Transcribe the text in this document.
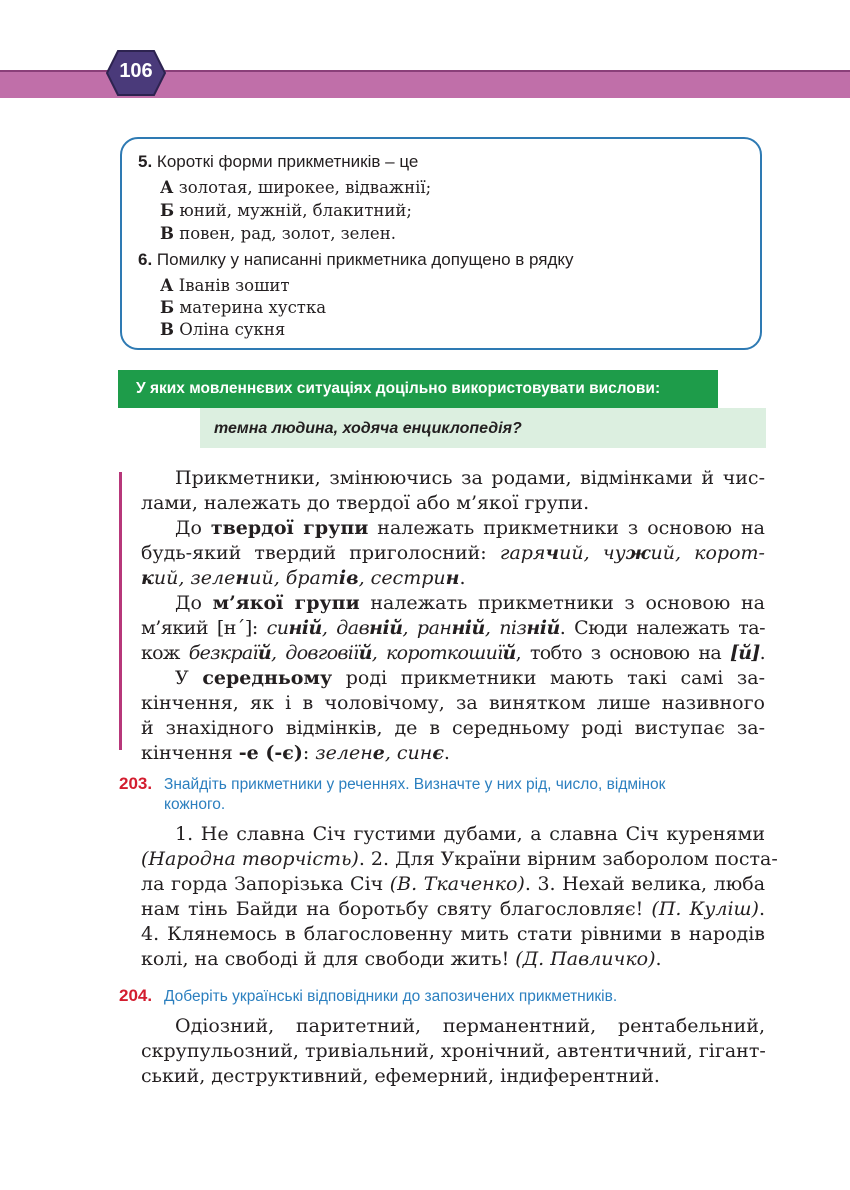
106
5. Короткі форми прикметників – це
А золотая, широкее, відважнії;
Б юний, мужній, блакитний;
В повен, рад, золот, зелен.
6. Помилку у написанні прикметника допущено в рядку
А Іванів зошит
Б материна хустка
В Оліна сукня
У яких мовленнєвих ситуаціях доцільно використовувати вислови:
темна людина, ходяча енциклопедія?
Прикметники, змінюючись за родами, відмінками й чис-
лами, належать до твердої або м’якої групи.
До твердої групи належать прикметники з основою на
будь-який твердий приголосний: гарячий, чужий, корот-
кий, зелений, братів, сестрин.
До м’якої групи належать прикметники з основою на
м’який [н´]: синій, давній, ранній, пізній. Сюди належать та-
кож безкраїй, довговіїй, короткошиїй, тобто з основою на [й].
У середньому роді прикметники мають такі самі за-
кінчення, як і в чоловічому, за винятком лише називного
й знахідного відмінків, де в середньому роді виступає за-
кінчення -е (-є): зелене, синє.
203. Знайдіть прикметники у реченнях. Визначте у них рід, число, відмінок
кожного.
1. Не славна Січ густими дубами, а славна Січ куренями
(Народна творчість). 2. Для України вірним заборолом поста-
ла горда Запорізька Січ (В. Ткаченко). 3. Нехай велика, люба
нам тінь Байди на боротьбу святу благословляє! (П. Куліш).
4. Клянемось в благословенну мить стати рівними в народів
колі, на свободі й для свободи жить! (Д. Павличко).
204. Доберіть українські відповідники до запозичених прикметників.
Одіозний, паритетний, перманентний, рентабельний,
скрупульозний, тривіальний, хронічний, автентичний, гігант-
ський, деструктивний, ефемерний, індиферентний.
